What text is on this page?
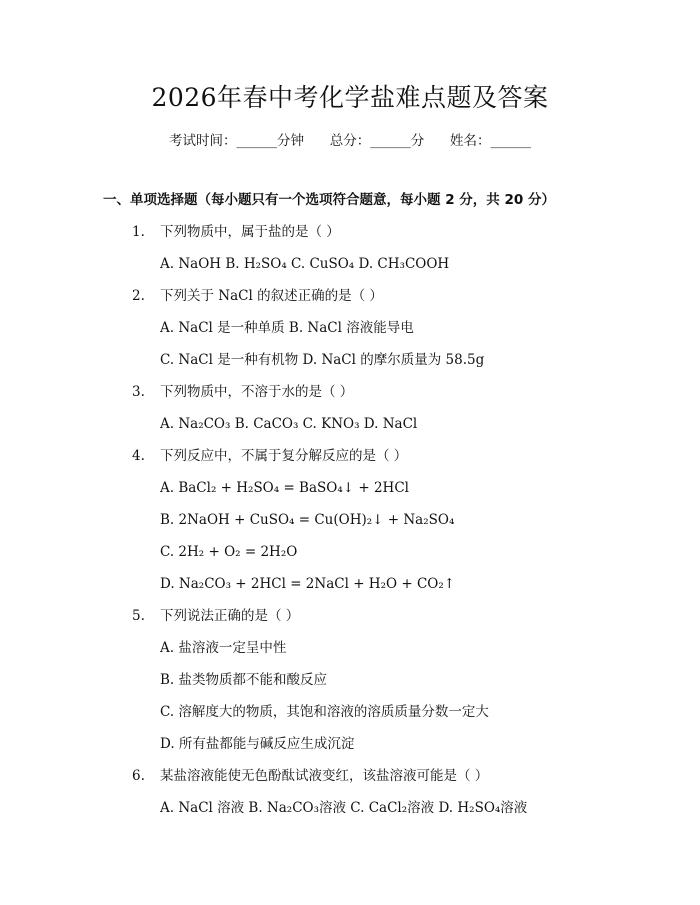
2026年春中考化学盐难点题及答案
考试时间：______分钟 总分：______分 姓名：______
一、单项选择题（每小题只有一个选项符合题意，每小题 2 分，共 20 分）
1. 下列物质中，属于盐的是（ ）
A. NaOH B. H₂SO₄ C. CuSO₄ D. CH₃COOH
2. 下列关于 NaCl 的叙述正确的是（ ）
A. NaCl 是一种单质 B. NaCl 溶液能导电
C. NaCl 是一种有机物 D. NaCl 的摩尔质量为 58.5g
3. 下列物质中，不溶于水的是（ ）
A. Na₂CO₃ B. CaCO₃ C. KNO₃ D. NaCl
4. 下列反应中，不属于复分解反应的是（ ）
A. BaCl₂ + H₂SO₄ = BaSO₄↓ + 2HCl
B. 2NaOH + CuSO₄ = Cu(OH)₂↓ + Na₂SO₄
C. 2H₂ + O₂ = 2H₂O
D. Na₂CO₃ + 2HCl = 2NaCl + H₂O + CO₂↑
5. 下列说法正确的是（ ）
A. 盐溶液一定呈中性
B. 盐类物质都不能和酸反应
C. 溶解度大的物质，其饱和溶液的溶质质量分数一定大
D. 所有盐都能与碱反应生成沉淀
6. 某盐溶液能使无色酚酞试液变红，该盐溶液可能是（ ）
A. NaCl 溶液 B. Na₂CO₃溶液 C. CaCl₂溶液 D. H₂SO₄溶液
